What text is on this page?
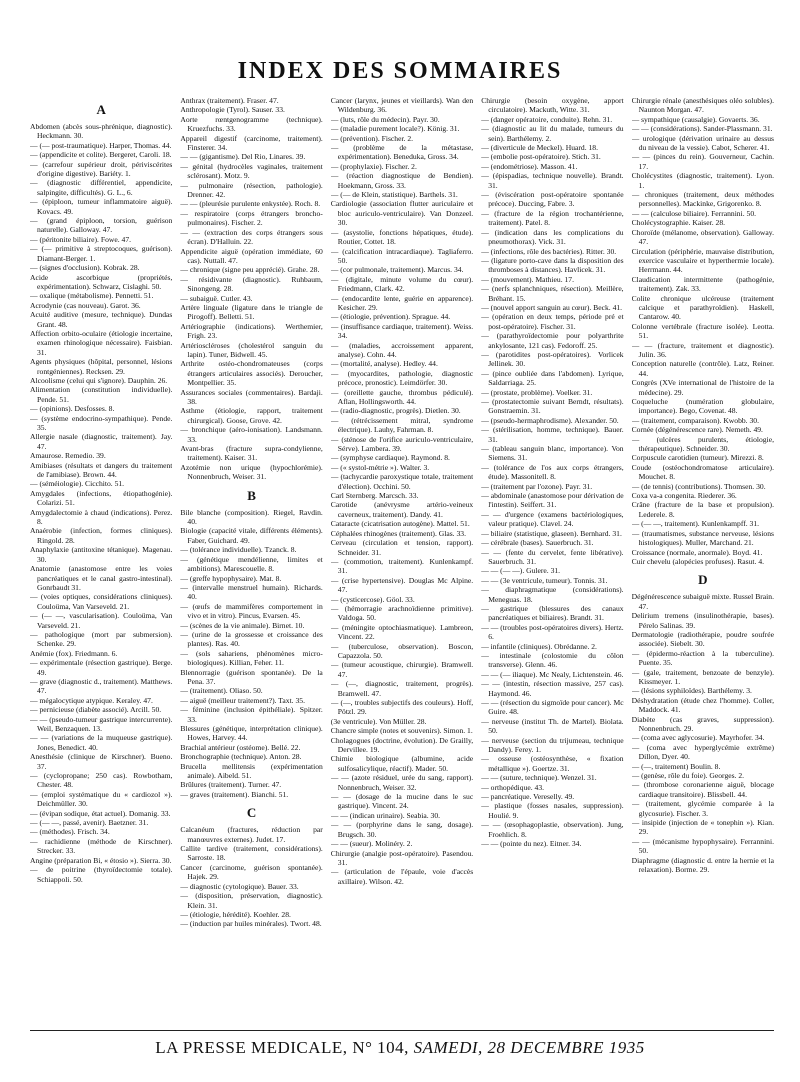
INDEX DES SOMMAIRES
A

Abdomen (abcès sous-phrénique, diagnostic). Heckmann. 30.

— (— post-traumatique). Harper, Thomas. 44.

— (appendicite et colite). Bergeret, Caroli. 18.

— (carrefour supérieur droit, périviscérites d'origine digestive). Bariéty. 1.

— (diagnostic différentiel, appendicite, salpingite, difficultés). G. L., 6.

— (épiploon, tumeur inflammatoire aiguë). Kovacs. 49.

— (grand épiploon, torsion, guérison naturelle). Galloway. 47.

— (péritonite biliaire). Fowe. 47.

— (— primitive à streptocoques, guérison). Diamant-Berger. 1.

— (signes d'occlusion). Kobrak. 28.

Acide ascorbique (propriétés, expérimentation). Schwarz, Cislaghi. 50.

— oxalique (métabolisme). Pennetti. 51.

Acrodynie (cas nouveau). Garot. 36.

Acuité auditive (mesure, technique). Dundas Grant. 48.

Affection orbito-oculaire (étiologie incertaine, examen rhinologique nécessaire). Faisbian. 31.

Agents physiques (hôpital, personnel, lésions rontgéniennes). Recksen. 29.

Alcoolisme (celui qui s'ignore). Dauphin. 26.

Alimentation (constitution individuelle). Pende. 51.

— (opinions). Desfosses. 8.

— (système endocrino-sympathique). Pende. 35.

Allergie nasale (diagnostic, traitement). Jay. 47.

Amaurose. Remedio. 39.

Amibiases (résultats et dangers du traitement de l'amibiase). Brown. 44.

— (séméiologie). Cicchito. 51.

Amygdales (infections, étiopathogénie). Colarizi. 51.

Amygdalectomie à chaud (indications). Perez. 8.

Anaérobie (infection, formes cliniques). Ringold. 28.

Anaphylaxie (antitoxine tétanique). Magenau. 30.

Anatomie (anastomose entre les voies pancréatiques et le canal gastro-intestinal). Gonrbaudt 31.

— (voies optiques, considérations cliniques). Couloüma, Van Varseveld. 21.

— (— —, vascularisation). Couloüma, Van Varseveld. 21.

— pathologique (mort par submersion). Schenke. 29.

Anémie (fox). Friedmann. 6.

— expérimentale (résection gastrique). Berge. 49.

— grave (diagnostic d., traitement). Matthews. 47.

— mégalocytique atypique. Keraley. 47.

— pernicieuse (diabète associé). Arcill. 50.

— — (pseudo-tumeur gastrique intercurrente). Weil, Benzaquen. 13.

— — (variations de la muqueuse gastrique). Jones, Benedict. 40.

Anesthésie (clinique de Kirschner). Bueno. 37.

— (cyclopropane; 250 cas). Rowbotham, Chester. 48.

— (emploi systématique du « cardiozol »). Deichmüller. 30.

— (évipan sodique, état actuel). Domanig. 33.

— (— —, passé, avenir). Baetzner. 31.

— (méthodes). Frisch. 34.

— rachidienne (méthode de Kirschner). Strecker. 33.

Angine (préparation Bi, « étosio »). Sierra. 30.

— de poitrine (thyroïdectomie totale). Schiappoli. 50.

Anthrax (traitement). Fraser. 47.

Anthropologie (Tyrol). Sauser. 33.

Aorte rœntgenogramme (technique). Kruezfuchs. 33.

Appareil digestif (carcinome, traitement). Finsterer. 34.

— — (gigantisme). Del Rio, Linares. 39.

— génital (hydrocèles vaginales, traitement sclérosant). Motz. 9.

— pulmonaire (résection, pathologie). Drenner. 42.

— — (pleurésie purulente enkystée). Roch. 8.

— respiratoire (corps étrangers broncho-pulmonaires). Fischer. 2.

— — (extraction des corps étrangers sous écran). D'Halluin. 22.

Appendicite aiguë (opération immédiate, 60 cas). Nuttall. 47.

— chronique (signe peu apprécié). Grahe. 28.

— résidivante (diagnostic). Ruhbaum, Sinongeng. 28.

— subaiguë. Cutler. 43.

Artère linguale (ligature dans le triangle de Pirogoff). Belletti. 51.

Artériographie (indications). Werthemier, Frigh. 23.

Artérioscléroses (cholestérol sanguin du lapin). Tuner, Bidwell. 45.

Arthrite ostéo-chondromateuses (corps étrangers articulaires associés). Deroucher, Montpellier. 35.

Assurances sociales (commentaires). Bardaji. 38.

Asthme (étiologie, rapport, traitement chirurgical). Goose, Grove. 42.

— bronchique (aéro-ionisation). Landsmann. 33.

Avant-bras (fracture supra-condylienne, traitement). Kaiser. 31.

Azotémie non urique (hypochlorémie). Nonnenbruch, Weiser. 31.

B

Bile blanche (composition). Riegel, Ravdin. 40.

Biologie (capacité vitale, différents éléments). Faber, Guichard. 49.

— (tolérance individuelle). Tzanck. 8.

— (génétique mendélienne, limites et ambitions). Marescouelle. 8.

— (greffe hypophysaire). Mat. 8.

— (intervalle menstruel humain). Richards. 40.

— (œufs de mammifères comportement in vivo et in vitro). Pincus, Evarsen. 45.

— (scènes de la vie animale). Birnet. 10.

— (urine de la grossesse et croissance des plantes). Ras. 40.

— (sols sahariens, phénomènes micro-biologiques). Killian, Feher. 11.

Blennorragie (guérison spontanée). De la Pena. 37.

— (traitement). Oliaso. 50.

— aiguë (meilleur traitement?). Taxt. 35.

— féminine (inclusion épithéliale). Spitzer. 33.

Blessures (génétique, interprétation clinique). Howes, Harvey. 44.

Brachial antérieur (ostéome). Bellé. 22.

Bronchographie (technique). Anton. 28.

Brucella mellitensis (expérimentation animale). Aibeld. 51.

Brûlures (traitement). Turner. 47.

— graves (traitement). Bianchi. 51.

C

Calcanéum (fractures, réduction par manœuvres externes). Judet. 17.

Callite tardive (traitement, considérations). Sarroste. 18.

Cancer (carcinome, guérison spontanée). Hajek. 29.

— diagnostic (cytologique). Bauer. 33.

— (disposition, préservation, diagnostic). Klein. 31.

— (étiologie, hérédité). Koehler. 28.

— (induction par huiles minérales). Twort. 48.

Cancer (larynx, jeunes et vieillards). Wan den Wildenburg. 36.

— (luts, rôle du médecin). Payr. 30.

— (maladie purement locale?). König. 31.

— (prévention). Fischer. 2.

— (problème de la métastase, expérimentation). Beneduka, Gross. 34.

— (prophylaxie). Fischer. 2.

— (réaction diagnostique de Bendien). Hoekmann, Gross. 33.

— (— de Klein, statistique). Barthels. 31.

Cardiologie (association flutter auriculaire et bloc auriculo-ventriculaire). Van Donzeel. 30.

— (asystolie, fonctions hépatiques, étude). Routier, Cottet. 18.

— (calcification intracardiaque). Tagliaferro. 50.

— (cor pulmonale, traitement). Marcus. 34.

— (digitale, minute volume du cœur). Friedmann, Clark. 42.

— (endocardite lente, guérie en apparence). Kesicher. 29.

— (étiologie, prévention). Sprague. 44.

— (insuffisance cardiaque, traitement). Weiss. 34.

— (maladies, accroissement apparent, analyse). Cohn. 44.

— (mortalité, analyse). Hedley. 44.

— (myocardites, pathologie, diagnostic précoce, pronostic). Leimdörfer. 30.

— (oreillette gauche, thrombus pédiculé). Aflan, Hollingsworth. 44.

— (radio-diagnostic, progrès). Dietlen. 30.

— (rétrécissement mitral, syndrome électrique). Lauhy, Fahrman. 8.

— (sténose de l'orifice auriculo-ventriculaire, Sérve). Lambera. 39.

— (symphyse cardiaque). Raymond. 8.

— (« systol-métrie »). Walter. 3.

— (tachycardie paroxystique totale, traitement d'élection). Occhini. 50.

Carl Sternberg. Marcsch. 33.

Carotide (anévrysme artério-veineux caverneux, traitement). Dandy. 41.

Cataracte (cicatrisation autogène). Mattel. 51.

Céphalées rhinogènes (traitement). Glas. 33.

Cerveau (circulation et tension, rapport). Schneider. 31.

— (commotion, traitement). Kunlenkampf. 31.

— (crise hypertensive). Douglas Mc Alpine. 47.

— (cysticercose). Göol. 33.

— (hémorragie arachnoïdienne primitive). Valdoga. 50.

— (méningite optochiasmatique). Lambreon, Vincent. 22.

— (tuberculose, observation). Boscon, Capazzola. 50.

— (tumeur acoustique, chirurgie). Bramwell. 47.

— (—, diagnostic, traitement, progrès). Bramwell. 47.

— (—, troubles subjectifs des couleurs). Hoff, Pötzl. 29.

(3e ventricule). Von Müller. 28.

Chancre simple (notes et souvenirs). Simon. 1.

Cholagogues (doctrine, évolution). De Grailly, Dervillee. 19.

Chimie biologique (albumine, acide sulfosalicylique, réactif). Mader. 50.

— — (azote résiduel, urée du sang, rapport). Nonnenbruch, Weiser. 32.

— — (dosage de la mucine dans le suc gastrique). Vincent. 24.

— — (indican urinaire). Seabia. 30.

— — (porphyrine dans le sang, dosage). Brugsch. 30.

— — (sueur). Molinéry. 2.

Chirurgie (analgie post-opératoire). Pasendou. 31.

— (articulation de l'épaule, voie d'accès axillaire). Wilson. 42.

Chirurgie (besoin oxygène, apport circulatoire). Mackuth, Witte. 31.

— (danger opératoire, conduite). Rehn. 31.

— (diagnostic au lit du malade, tumeurs du sein). Barthélemy. 2.

— (diverticule de Meckel). Huard. 18.

— (embolie post-opératoire). Stich. 31.

— (endométriose). Masson. 41.

— (épispadias, technique nouvelle). Brandt. 31.

— (éviscération post-opératoire spontanée précoce). Duccing, Fabre. 3.

— (fracture de la région trochantérienne, traitement). Patel. 8.

— (indication dans les complications du pneumothorax). Vick. 31.

— (infections, rôle des bactéries). Ritter. 30.

— (ligature porto-cave dans la disposition des thromboses à distances). Havlicek. 31.

— (mouvement). Mathieu. 17.

— (nerfs splanchniques, résection). Meillère, Bréhant. 15.

— (nouvel apport sanguin au cœur). Beck. 41.

— (opération en deux temps, période pré et post-opératoire). Fischer. 31.

— (parathyroïdectomie pour polyarthrite ankylosante, 121 cas). Fedoroff. 25.

— (parotidites post-opératoires). Vorlicek Jellinek. 30.

— (pince oubliée dans l'abdomen). Lyrique, Saldarriaga. 25.

— (prostate, problème). Voelker. 31.

— (prostatectomie suivant Berndt, résultats). Gonstraemin. 31.

— (pseudo-hermaphrodisme). Alexander. 50.

— (stérilisation, homme, technique). Bauer. 31.

— (tableau sanguin blanc, importance). Von Siemens. 31.

— (tolérance de l'os aux corps étrangers, étude). Massonitell. 8.

— (traitement par l'ozone). Payr. 31.

— abdominale (anastomose pour dérivation de l'intestin). Seiffert. 31.

— — d'urgence (examens bactériologiques, valeur pratique). Clavel. 24.

— biliaire (statistique, glaseen). Bernhard. 31.

— cérébrale (bases). Sauerbruch. 31.

— — (fente du cervelet, fente libérative). Sauerbruch. 31.

— — (— —). Gulere. 31.

— — (3e ventricule, tumeur). Tonnis. 31.

— diaphragmatique (considérations). Meneguas. 18.

— gastrique (blessures des canaux pancréatiques et biliaires). Brandt. 31.

— — (troubles post-opératoires divers). Hertz. 6.

— infantile (cliniques). Obrédanne. 2.

— intestinale (colostomie du côlon transverse). Glenn. 46.

— — (— iliaque). Mc Nealy, Lichtenstein. 46.

— — (intestin, résection massive, 257 cas). Haymond. 46.

— — (résection du sigmoïde pour cancer). Mc Guire. 48.

— nerveuse (institut Th. de Martel). Biolata. 50.

— nerveuse (section du trijumeau, technique Dandy). Ferey. 1.

— osseuse (ostéosynthèse, « fixation métallique »). Goertze. 31.

— — (suture, technique). Wenzel. 31.

— orthopédique. 43.

— pancréatique. Vereselly. 49.

— plastique (fosses nasales, suppression). Houlié. 9.

— — (œsophagoplastie, observation). Jung, Froehlich. 8.

— — (pointe du nez). Eitner. 34.

Chirurgie rénale (anesthésiques oléo solubles). Naunton Morgan. 47.

— sympathique (causalgie). Govaerts. 36.

— — (considérations). Sander-Plassmann. 31.

— urologique (dérivation urinaire au dessus du niveau de la vessie). Cabot, Scherer. 41.

— — (pinces du rein). Gouverneur, Cachin. 17.

Cholécystites (diagnostic, traitement). Lyon. 1.

— chroniques (traitement, deux méthodes personnelles). Mackinke, Grigorenko. 8.

— — (calculose biliaire). Ferrannini. 50.

Cholécystographie. Kaiser. 28.

Choroïde (mélanome, observation). Galloway. 47.

Circulation (périphérie, mauvaise distribution, exercice vasculaire et hyperthermie locale). Herrmann. 44.

Claudication intermittente (pathogénie, traitement). Zak. 33.

Colite chronique ulcéreuse (traitement calcique et parathyroïdien). Haskell, Cantarow. 40.

Colonne vertébrale (fracture isolée). Leotta. 51.

— — (fracture, traitement et diagnostic). Julin. 36.

Conception naturelle (contrôle). Latz, Reiner. 44.

Congrès (XVe international de l'histoire de la médecine). 29.

Coqueluche (numération globulaire, importance). Bego, Covenat. 48.

— (traitement, comparaison). Kwobb. 30.

Cornée (dégénérescence rare). Nemeth. 49.

— (ulcères purulents, étiologie, thérapeutique). Schneider. 30.

Corpuscule carotidien (tumeur). Mirezzi. 8.

Coude (ostéochondromatose articulaire). Mouchet. 8.

— (de tennis) (contributions). Thomsen. 30.

Coxa va-a congenita. Riederer. 36.

Crâne (fracture de la base et propulsion). Lederele. 8.

— (— —, traitement). Kunlenkampff. 31.

— (traumatismes, substance nerveuse, lésions histologiques). Muller, Marchand. 21.

Croissance (normale, anormale). Boyd. 41.

Cuir chevelu (alopécies profuses). Rasut. 4.

D

Dégénérescence subaiguë mixte. Russel Brain. 47.

Delirium tremens (insulinothérapie, bases). Pérelo Salinas. 39.

Dermatologie (radiothérapie, poudre soufrée associée). Siebelt. 30.

— (épidermo-réaction à la tuberculine). Puente. 35.

— (gale, traitement, benzoate de benzyle). Kissmeyer. 1.

— (lésions syphiloïdes). Barthélemy. 3.

Déshydratation (étude chez l'homme). Coller, Maddock. 41.

Diabète (cas graves, suppression). Nonnenbruch. 29.

— (coma avec aglycosurie). Mayrhofer. 34.

— (coma avec hyperglycémie extrême) Dillon, Dyer. 40.

— (—, traitement) Boulin. 8.

— (genèse, rôle du foie). Georges. 2.

— (thrombose coronarienne aiguë, blocage cardiaque transitoire). Blissbell. 44.

— (traitement, glycémie comparée à la glycosurie). Fischer. 3.

— insipide (injection de « tonephin »). Kian. 29.

— — (mécanisme hypophysaire). Ferrannini. 50.

Diaphragme (diagnostic d. entre la hernie et la relaxation). Borme. 29.

LA PRESSE MEDICALE, N° 104, SAMEDI, 28 DECEMBRE 1935
